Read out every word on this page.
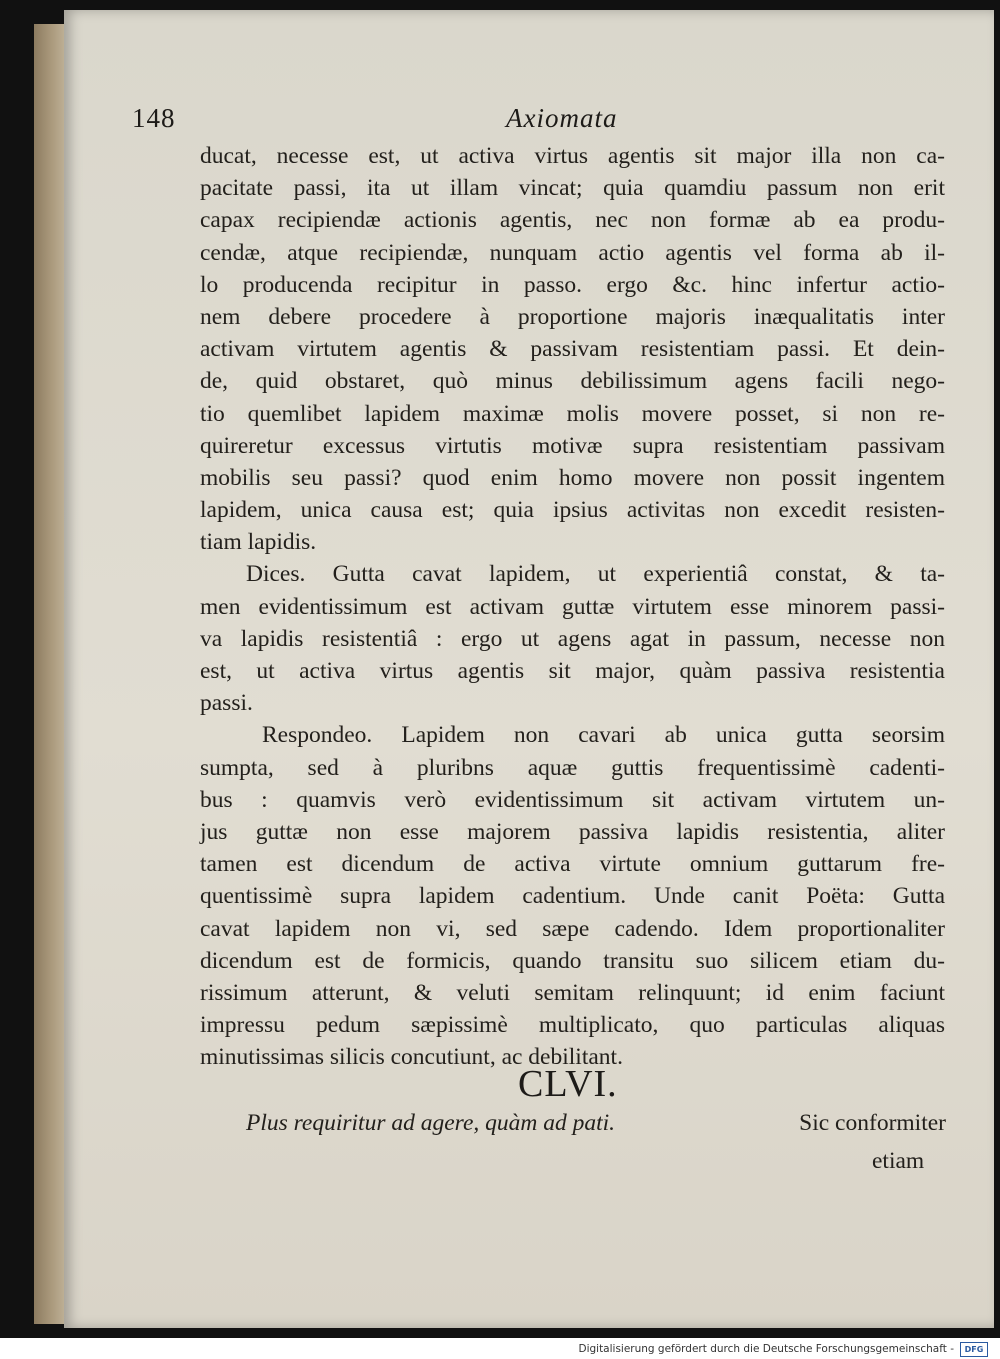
148	Axiomata
ducat, necesse est, ut activa virtus agentis sit major illa non ca-
pacitate passi, ita ut illam vincat; quia quamdiu passum non erit
capax recipiendæ actionis agentis, nec non formæ ab ea produ-
cendæ, atque recipiendæ, nunquam actio agentis vel forma ab il-
lo producenda recipitur in passo. ergo &c. hinc infertur actio-
nem debere procedere à proportione majoris inæqualitatis inter
activam virtutem agentis & passivam resistentiam passi. Et dein-
de, quid obstaret, quò minus debilissimum agens facili nego-
tio quemlibet lapidem maximæ molis movere posset, si non re-
quireretur excessus virtutis motivæ supra resistentiam passivam
mobilis seu passi? quod enim homo movere non possit ingentem
lapidem, unica causa est; quia ipsius activitas non excedit resisten-
tiam lapidis.
Dices. Gutta cavat lapidem, ut experientiâ constat, & ta-
men evidentissimum est activam guttæ virtutem esse minorem passi-
va lapidis resistentiâ : ergo ut agens agat in passum, necesse non
est, ut activa virtus agentis sit major, quàm passiva resistentia
passi.
Respondeo. Lapidem non cavari ab unica gutta seorsim
sumpta, sed à pluribns aquæ guttis frequentissimè cadenti-
bus : quamvis verò evidentissimum sit activam virtutem un-
jus guttæ non esse majorem passiva lapidis resistentia, aliter
tamen est dicendum de activa virtute omnium guttarum frе-
quentissimè supra lapidem cadentium. Unde canit Poëta: Gutta
cavat lapidem non vi, sed sæpe cadendo. Idem proportionaliter
dicendum est de formicis, quando transitu suo silicem etiam du-
rissimum atterunt, & veluti semitam relinquunt; id enim faciunt
impressu pedum sæpissimè multiplicato, quo particulas aliquas
minutissimas silicis concutiunt, ac debilitant.
CLVI.
Plus requiritur ad agere, quàm ad pati.	Sic conformiter
etiam
Digitalisierung gefördert durch die Deutsche Forschungsgemeinschaft -	DFG
